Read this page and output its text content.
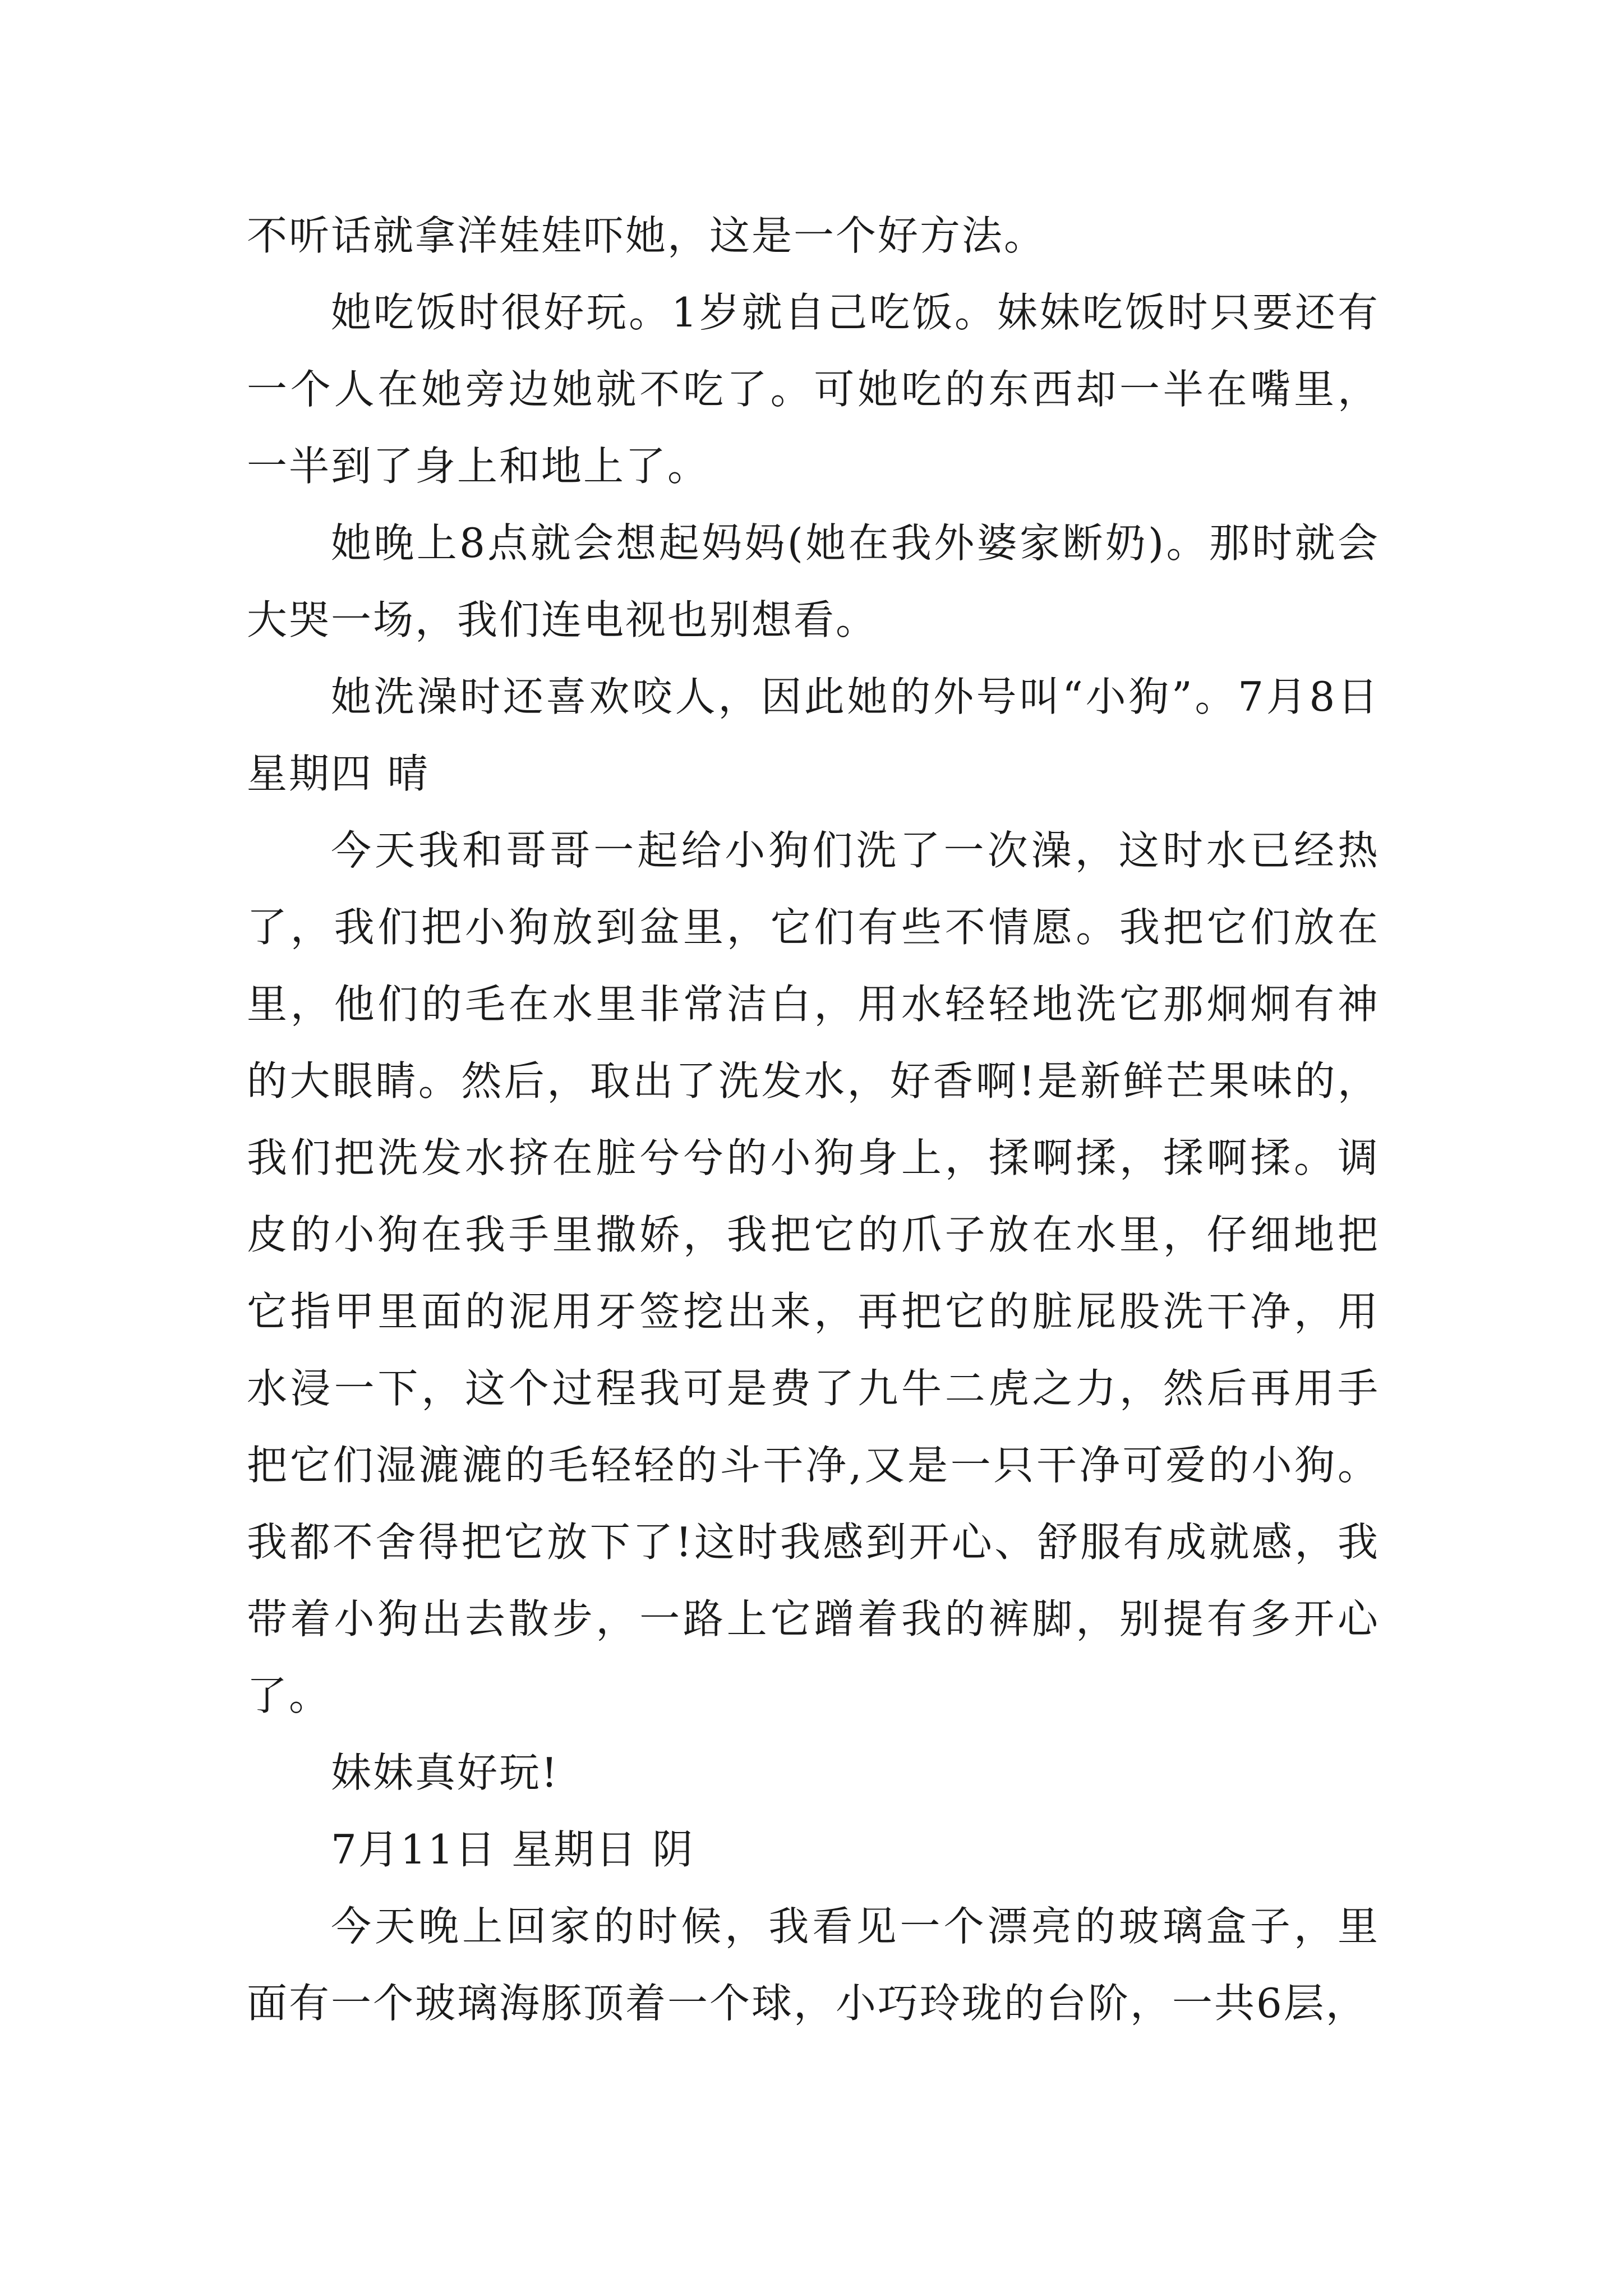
不听话就拿洋娃娃吓她，这是一个好方法。

她吃饭时很好玩。1岁就自己吃饭。妹妹吃饭时只要还有一个人在她旁边她就不吃了。可她吃的东西却一半在嘴里，一半到了身上和地上了。

她晚上8点就会想起妈妈(她在我外婆家断奶)。那时就会大哭一场，我们连电视也别想看。

她洗澡时还喜欢咬人，因此她的外号叫“小狗”。7月8日 星期四 晴

今天我和哥哥一起给小狗们洗了一次澡，这时水已经热了，我们把小狗放到盆里，它们有些不情愿。我把它们放在里，他们的毛在水里非常洁白，用水轻轻地洗它那炯炯有神的大眼睛。然后，取出了洗发水，好香啊!是新鲜芒果味的，我们把洗发水挤在脏兮兮的小狗身上，揉啊揉，揉啊揉。调皮的小狗在我手里撒娇，我把它的爪子放在水里，仔细地把它指甲里面的泥用牙签挖出来，再把它的脏屁股洗干净，用水浸一下，这个过程我可是费了九牛二虎之力，然后再用手把它们湿漉漉的毛轻轻的斗干净,又是一只干净可爱的小狗。我都不舍得把它放下了!这时我感到开心、舒服有成就感，我带着小狗出去散步，一路上它蹭着我的裤脚，别提有多开心了。

妹妹真好玩!

7月11日 星期日 阴

今天晚上回家的时候，我看见一个漂亮的玻璃盒子，里面有一个玻璃海豚顶着一个球，小巧玲珑的台阶，一共6层，
